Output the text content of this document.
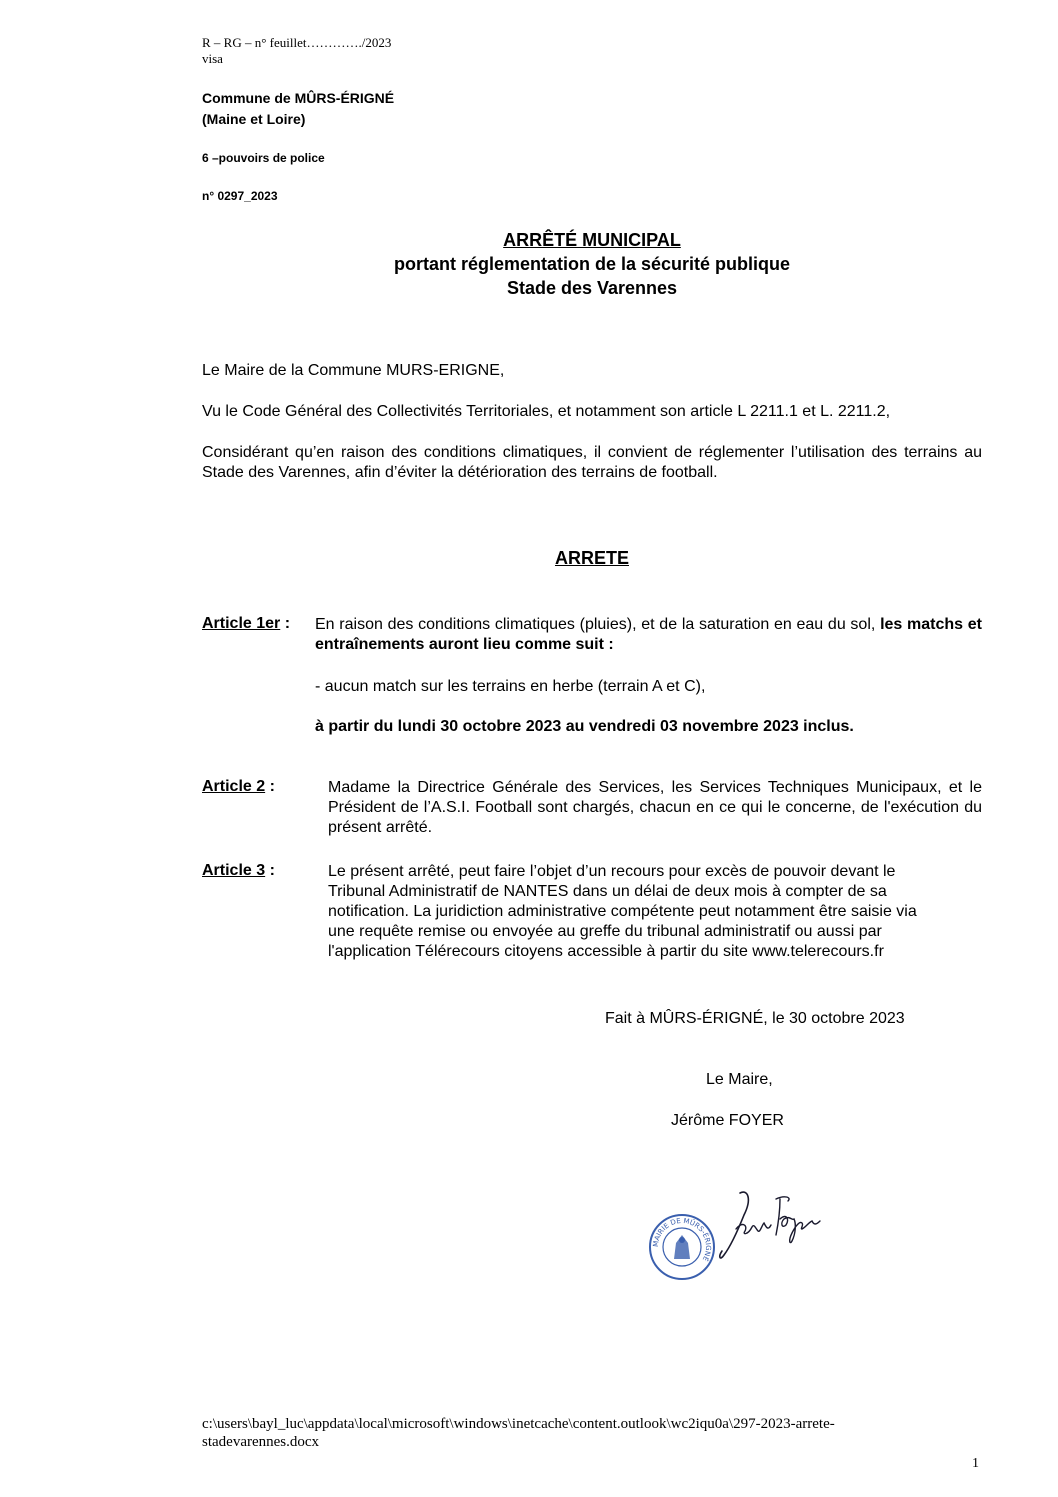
R – RG – n° feuillet…………./2023
visa
Commune de MÛRS-ÉRIGNÉ
(Maine et Loire)
6 –pouvoirs de police
n° 0297_2023
ARRÊTÉ MUNICIPAL
portant réglementation de la sécurité publique
Stade des Varennes
Le Maire de la Commune MURS-ERIGNE,
Vu le Code Général des Collectivités Territoriales, et notamment son article L 2211.1 et L. 2211.2,
Considérant qu’en raison des conditions climatiques, il convient de réglementer l’utilisation des terrains au Stade des Varennes, afin d’éviter la détérioration des terrains de football.
ARRETE
Article 1er : En raison des conditions climatiques (pluies), et de la saturation en eau du sol, les matchs et entraînements auront lieu comme suit :
- aucun match sur les terrains en herbe (terrain A et C),
à partir du lundi 30 octobre 2023 au vendredi 03 novembre 2023 inclus.
Article 2 :	Madame la Directrice Générale des Services, les Services Techniques Municipaux, et le Président de l’A.S.I. Football sont chargés, chacun en ce qui le concerne, de l'exécution du présent arrêté.
Article 3 :	Le présent arrêté, peut faire l’objet d’un recours pour excès de pouvoir devant le
Tribunal Administratif de NANTES dans un délai de deux mois à compter de sa
notification. La juridiction administrative compétente peut notamment être saisie via
une requête remise ou envoyée au greffe du tribunal administratif ou aussi par
l'application Télérecours citoyens accessible à partir du site www.telerecours.fr
Fait à MÛRS-ÉRIGNÉ, le 30 octobre 2023
Le Maire,
Jérôme FOYER
MAIRIE DE MÛRS-ÉRIGNÉ
c:\users\bayl_luc\appdata\local\microsoft\windows\inetcache\content.outlook\wc2iqu0a\297-2023-arrete-
stadevarennes.docx
1
